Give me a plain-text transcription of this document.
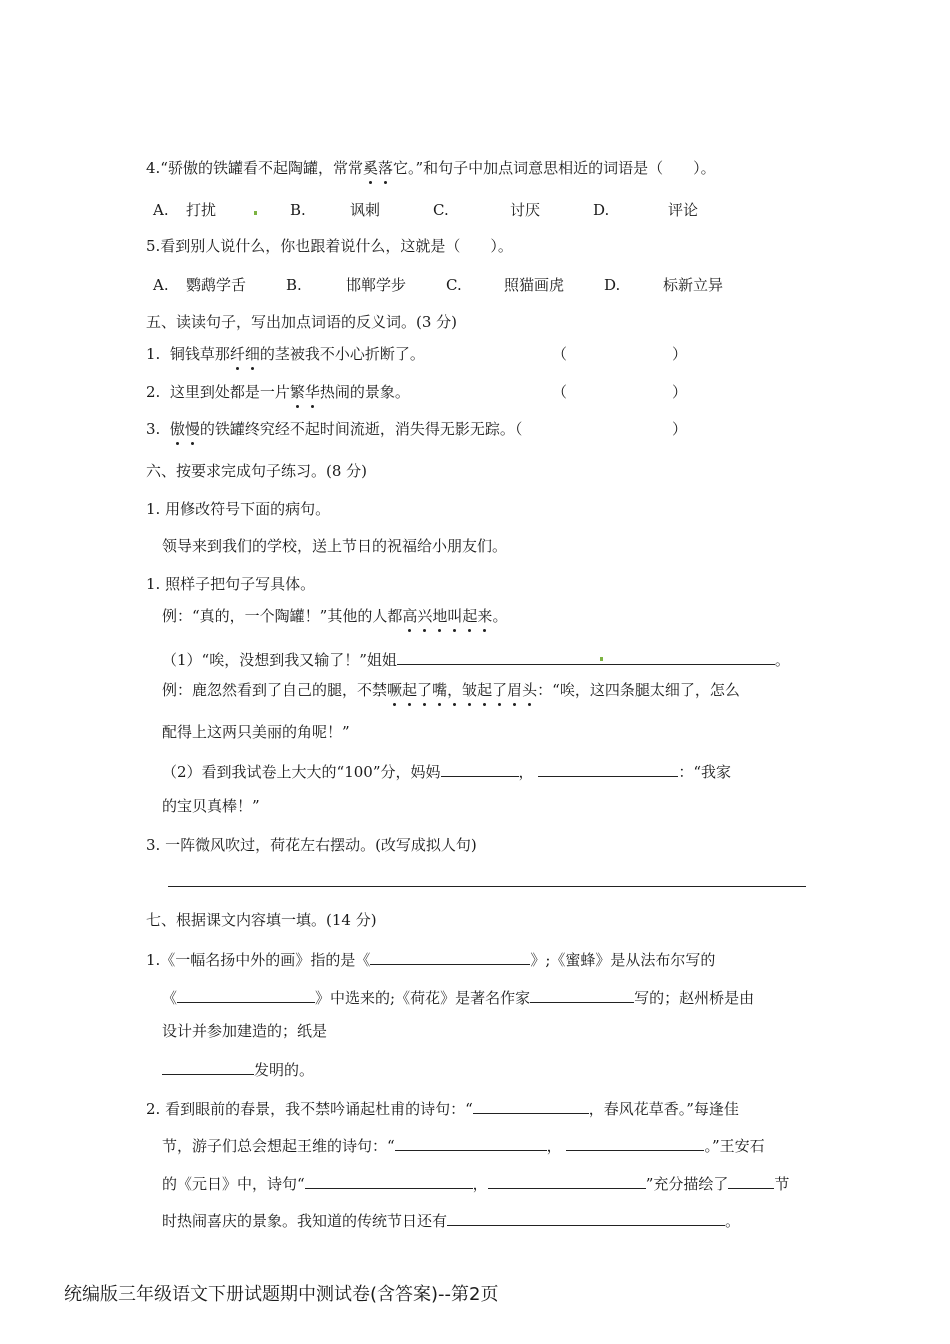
4.“骄傲的铁罐看不起陶罐，常常奚落它。”和句子中加点词意思相近的词语是（　　）。
A. 打扰	B.	讽刺	C.	讨厌	D.	评论
5.看到别人说什么，你也跟着说什么，这就是（　　）。
A. 鹦鹉学舌	B.	邯郸学步	C.	照猫画虎	D.	标新立异
五、读读句子，写出加点词语的反义词。(3 分)
1. 铜钱草那纤细的茎被我不小心折断了。	（	）
2. 这里到处都是一片繁华热闹的景象。	（	）
3. 傲慢的铁罐终究经不起时间流逝，消失得无影无踪。（	）
六、按要求完成句子练习。(8 分)
1. 用修改符号下面的病句。
领导来到我们的学校，送上节日的祝福给小朋友们。
1. 照样子把句子写具体。
例：“真的，一个陶罐！”其他的人都高兴地叫起来。
（1）“唉，没想到我又输了！”姐姐	。
例：鹿忽然看到了自己的腿，不禁噘起了嘴，皱起了眉头：“唉，这四条腿太细了，怎么
配得上这两只美丽的角呢！”
（2）看到我试卷上大大的“100”分，妈妈	，	：“我家
的宝贝真棒！”
3. 一阵微风吹过，荷花左右摆动。(改写成拟人句)
七、根据课文内容填一填。(14 分)
1.《一幅名扬中外的画》指的是《	》;《蜜蜂》是从法布尔写的
《	》中选来的;《荷花》是著名作家	写的；赵州桥是由
设计并参加建造的；纸是
发明的。
2. 看到眼前的春景，我不禁吟诵起杜甫的诗句：“	，春风花草香。”每逢佳
节，游子们总会想起王维的诗句：“	，	。”王安石
的《元日》中，诗句“	，	”充分描绘了	节
时热闹喜庆的景象。我知道的传统节日还有	。
统编版三年级语文下册试题期中测试卷(含答案)--第2页
